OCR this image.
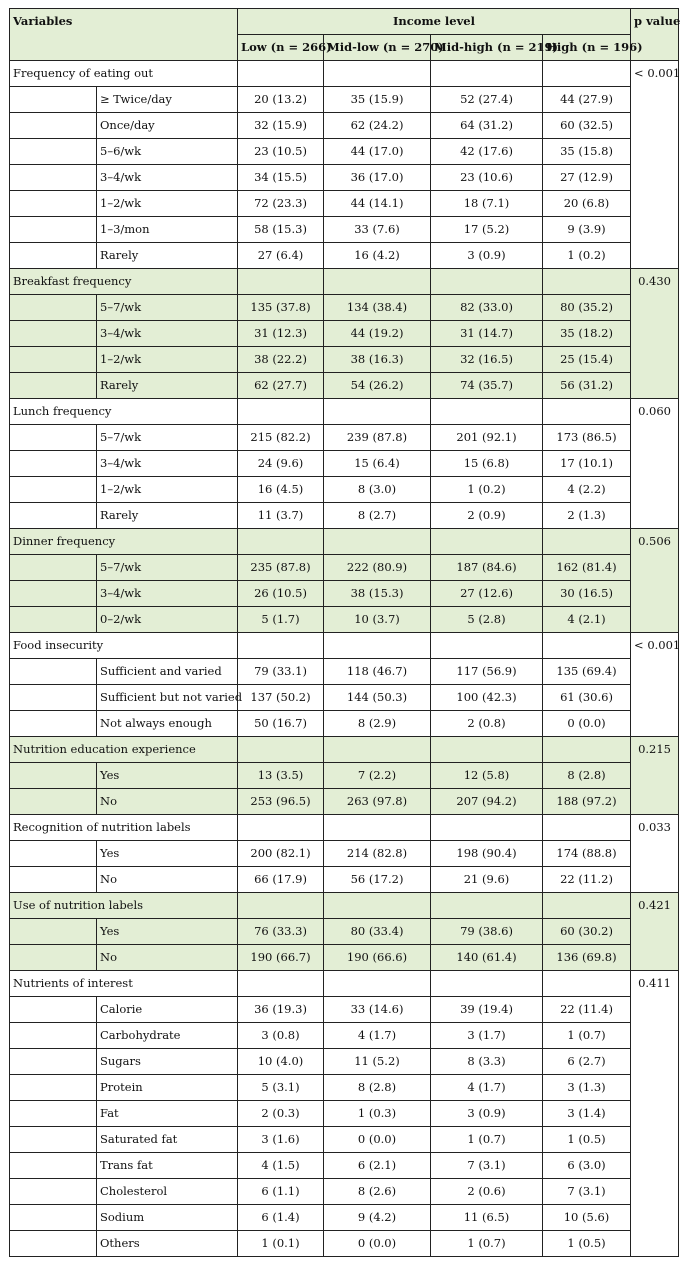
Variables		Income level				p value
		Low (n = 266)	Mid-low (n = 270)	Mid-high (n = 219)	High (n = 196)	
Frequency of eating out						< 0.001
	≥ Twice/day	20 (13.2)	35 (15.9)	52 (27.4)	44 (27.9)	
	Once/day	32 (15.9)	62 (24.2)	64 (31.2)	60 (32.5)	
	5–6/wk	23 (10.5)	44 (17.0)	42 (17.6)	35 (15.8)	
	3–4/wk	34 (15.5)	36 (17.0)	23 (10.6)	27 (12.9)	
	1–2/wk	72 (23.3)	44 (14.1)	18 (7.1)	20 (6.8)	
	1–3/mon	58 (15.3)	33 (7.6)	17 (5.2)	9 (3.9)	
	Rarely	27 (6.4)	16 (4.2)	3 (0.9)	1 (0.2)	
Breakfast frequency						0.430
	5–7/wk	135 (37.8)	134 (38.4)	82 (33.0)	80 (35.2)	
	3–4/wk	31 (12.3)	44 (19.2)	31 (14.7)	35 (18.2)	
	1–2/wk	38 (22.2)	38 (16.3)	32 (16.5)	25 (15.4)	
	Rarely	62 (27.7)	54 (26.2)	74 (35.7)	56 (31.2)	
Lunch frequency						0.060
	5–7/wk	215 (82.2)	239 (87.8)	201 (92.1)	173 (86.5)	
	3–4/wk	24 (9.6)	15 (6.4)	15 (6.8)	17 (10.1)	
	1–2/wk	16 (4.5)	8 (3.0)	1 (0.2)	4 (2.2)	
	Rarely	11 (3.7)	8 (2.7)	2 (0.9)	2 (1.3)	
Dinner frequency						0.506
	5–7/wk	235 (87.8)	222 (80.9)	187 (84.6)	162 (81.4)	
	3–4/wk	26 (10.5)	38 (15.3)	27 (12.6)	30 (16.5)	
	0–2/wk	5 (1.7)	10 (3.7)	5 (2.8)	4 (2.1)	
Food insecurity						< 0.001
	Sufficient and varied	79 (33.1)	118 (46.7)	117 (56.9)	135 (69.4)	
	Sufficient but not varied	137 (50.2)	144 (50.3)	100 (42.3)	61 (30.6)	
	Not always enough	50 (16.7)	8 (2.9)	2 (0.8)	0 (0.0)	
Nutrition education experience						0.215
	Yes	13 (3.5)	7 (2.2)	12 (5.8)	8 (2.8)	
	No	253 (96.5)	263 (97.8)	207 (94.2)	188 (97.2)	
Recognition of nutrition labels						0.033
	Yes	200 (82.1)	214 (82.8)	198 (90.4)	174 (88.8)	
	No	66 (17.9)	56 (17.2)	21 (9.6)	22 (11.2)	
Use of nutrition labels						0.421
	Yes	76 (33.3)	80 (33.4)	79 (38.6)	60 (30.2)	
	No	190 (66.7)	190 (66.6)	140 (61.4)	136 (69.8)	
Nutrients of interest						0.411
	Calorie	36 (19.3)	33 (14.6)	39 (19.4)	22 (11.4)	
	Carbohydrate	3 (0.8)	4 (1.7)	3 (1.7)	1 (0.7)	
	Sugars	10 (4.0)	11 (5.2)	8 (3.3)	6 (2.7)	
	Protein	5 (3.1)	8 (2.8)	4 (1.7)	3 (1.3)	
	Fat	2 (0.3)	1 (0.3)	3 (0.9)	3 (1.4)	
	Saturated fat	3 (1.6)	0 (0.0)	1 (0.7)	1 (0.5)	
	Trans fat	4 (1.5)	6 (2.1)	7 (3.1)	6 (3.0)	
	Cholesterol	6 (1.1)	8 (2.6)	2 (0.6)	7 (3.1)	
	Sodium	6 (1.4)	9 (4.2)	11 (6.5)	10 (5.6)	
	Others	1 (0.1)	0 (0.0)	1 (0.7)	1 (0.5)	
